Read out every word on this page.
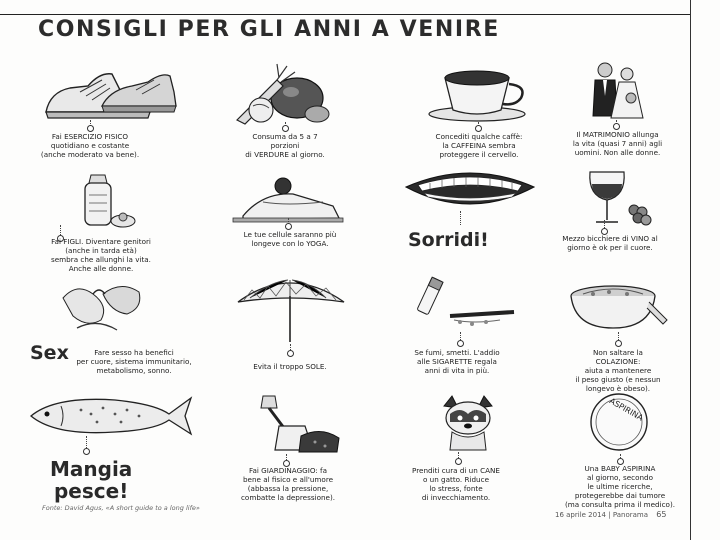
CONSIGLI PER GLI ANNI A VENIRE
Fai ESERCIZIO FISICO
quotidiano e costante
(anche moderato va bene).
Consuma da 5 a 7
porzioni
di VERDURE al giorno.
Concediti qualche caffè:
la CAFFEINA sembra
proteggere il cervello.
Il MATRIMONIO allunga
la vita (quasi 7 anni) agli
uomini. Non alle donne.
Fai FIGLI. Diventare genitori
(anche in tarda età)
sembra che allunghi la vita.
Anche alle donne.
Le tue cellule saranno più
longeve con lo YOGA.	Sorridi!	Mezzo bicchiere di VINO al
giorno è ok per il cuore.
Sex	Fare sesso ha benefici
per cuore, sistema immunitario,
metabolismo, sonno.	Evita il troppo SOLE.
Se fumi, smetti. L'addio
alle SIGARETTE regala
anni di vita in più.
Non saltare la
COLAZIONE:
aiuta a mantenere
il peso giusto (e nessun
longevo è obeso).
Mangia
pesce!
Fai GIARDINAGGIO: fa
bene al fisico e all'umore
(abbassa la pressione,
combatte la depressione).
Prenditi cura di un CANE
o un gatto. Riduce
lo stress, fonte
di invecchiamento.
ASPIRINA
Una BABY ASPIRINA
al giorno, secondo
le ultime ricerche,
protegerebbe dai tumore
(ma consulta prima il medico).
Fonte: David Agus, «A short guide to a long life»
16 aprile 2014 | Panorama 65
